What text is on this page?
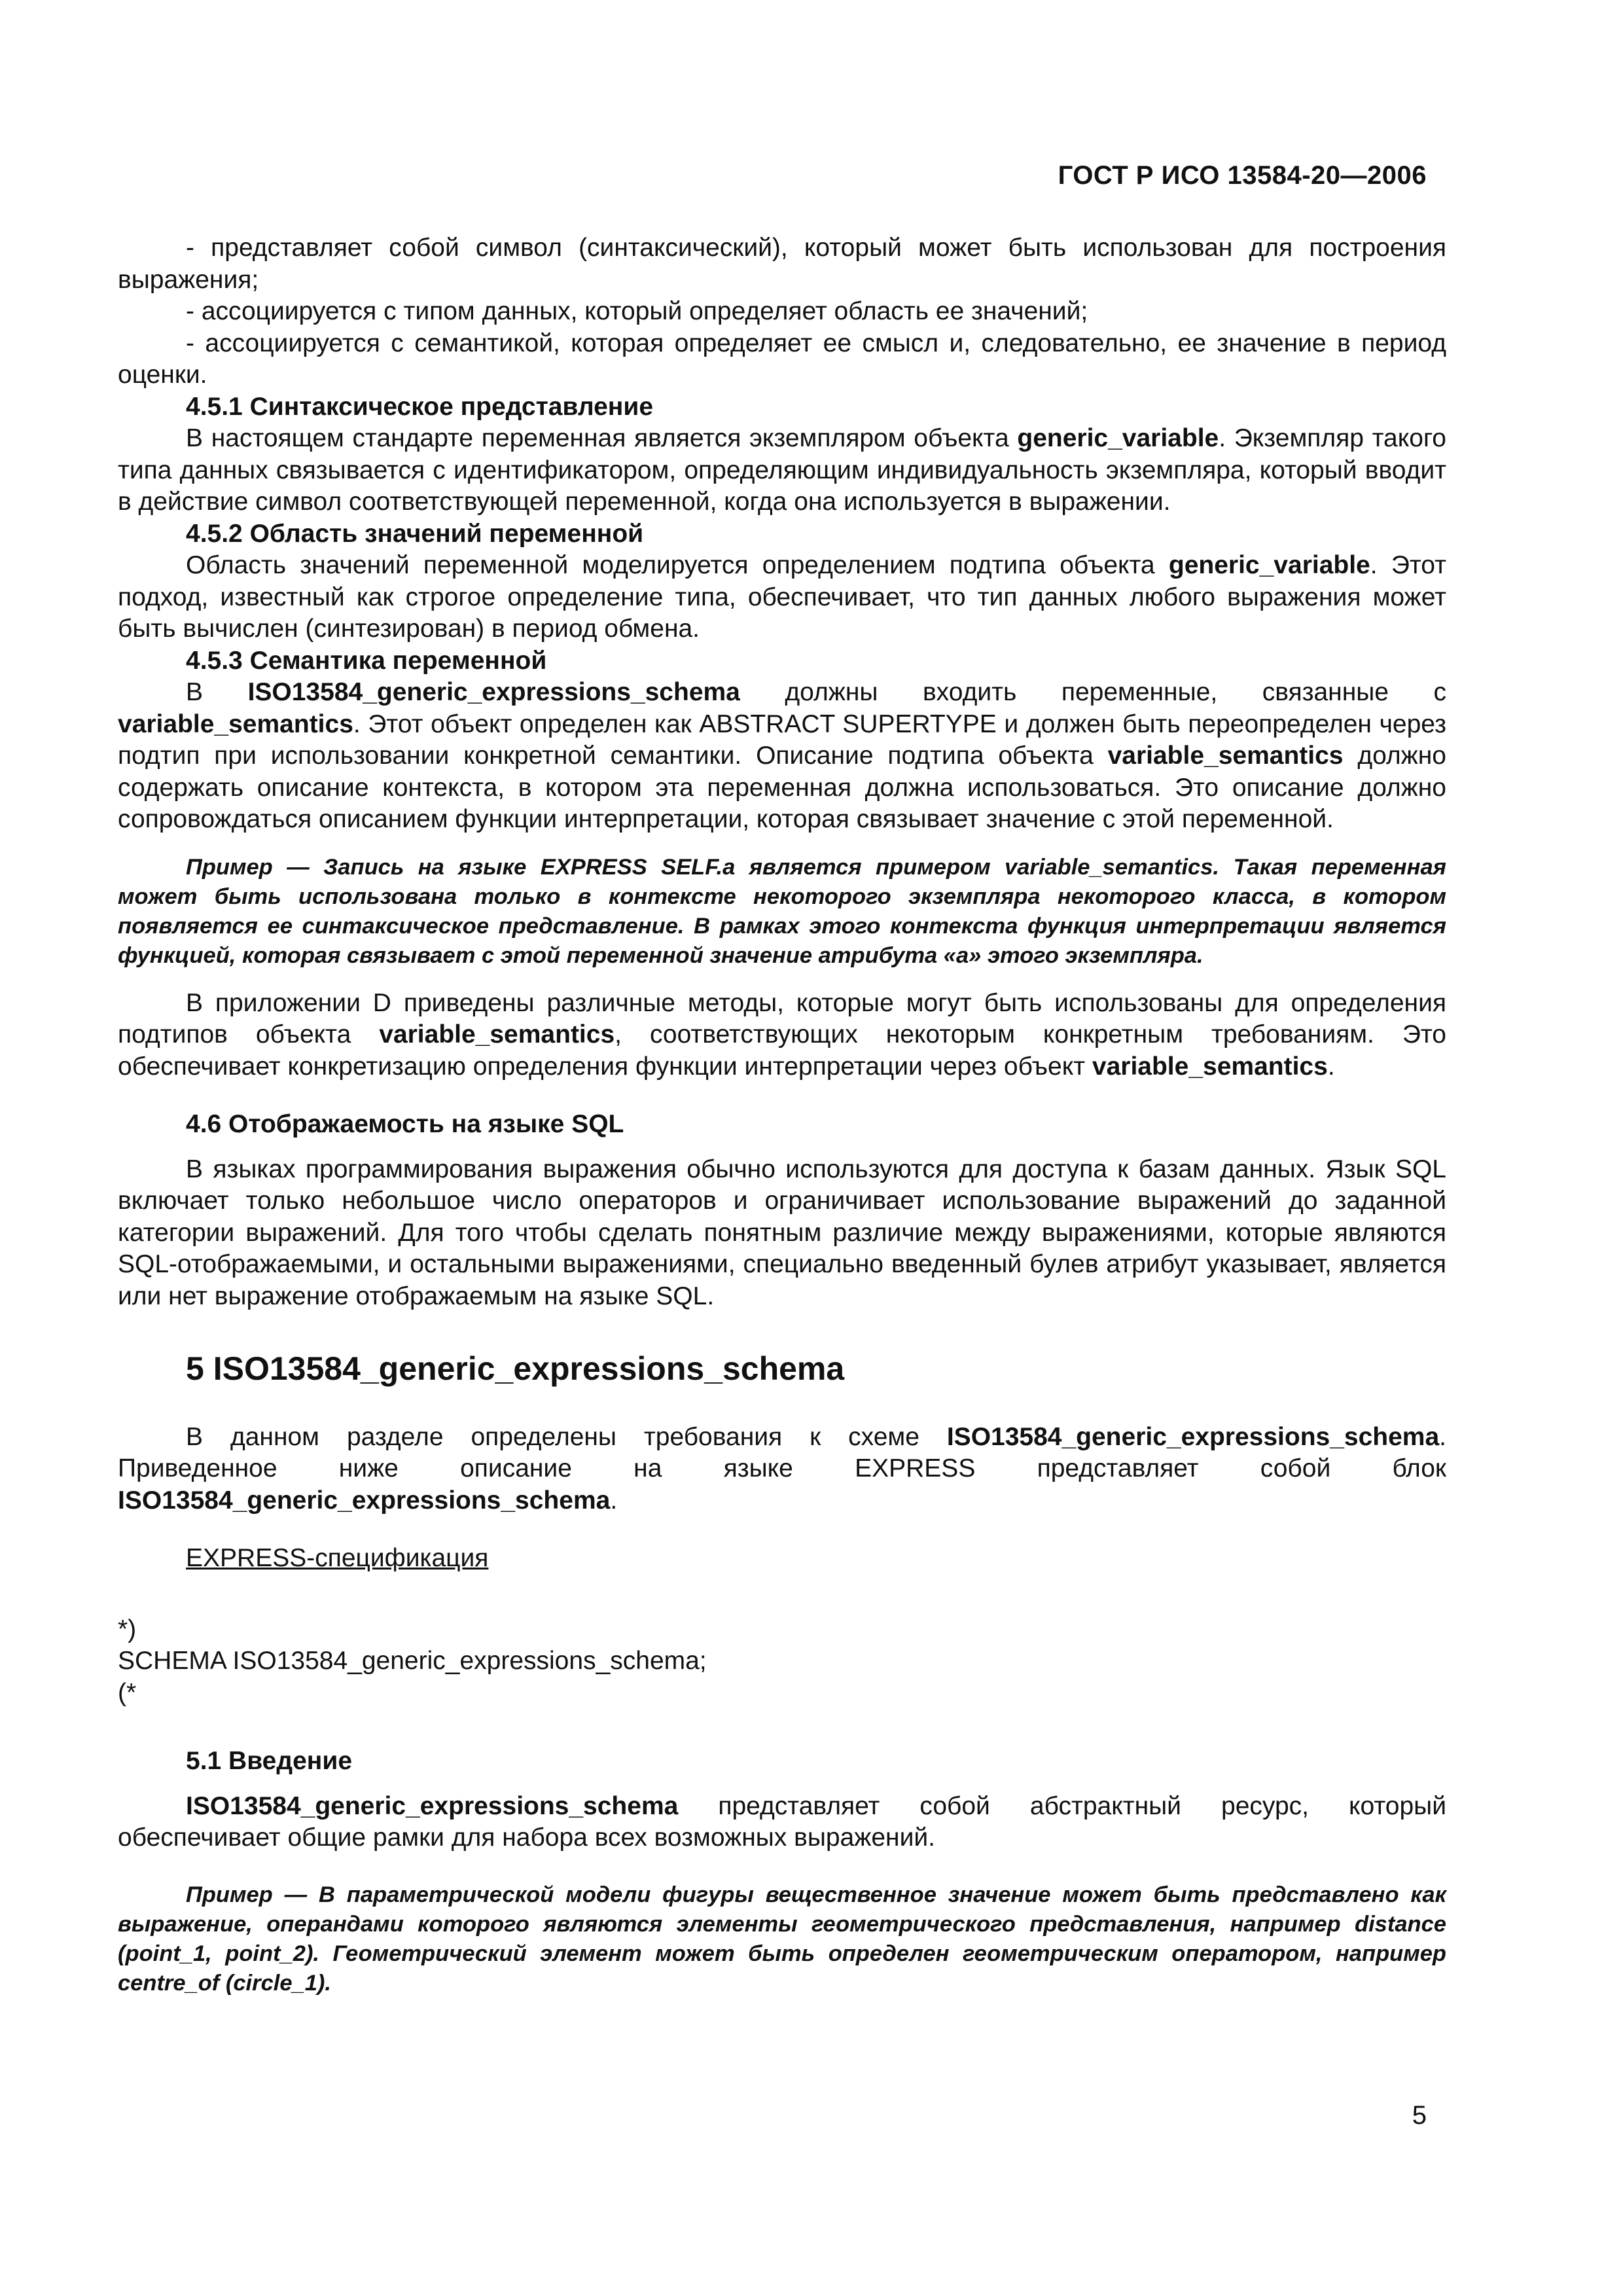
ГОСТ Р ИСО 13584-20—2006

- представляет собой символ (синтаксический), который может быть использован для построения выражения;

- ассоциируется с типом данных, который определяет область ее значений;

- ассоциируется с семантикой, которая определяет ее смысл и, следовательно, ее значение в период оценки.

4.5.1 Синтаксическое представление

В настоящем стандарте переменная является экземпляром объекта generic_variable. Экземпляр такого типа данных связывается с идентификатором, определяющим индивидуальность экземпляра, который вводит в действие символ соответствующей переменной, когда она используется в выражении.

4.5.2 Область значений переменной

Область значений переменной моделируется определением подтипа объекта generic_variable. Этот подход, известный как строгое определение типа, обеспечивает, что тип данных любого выражения может быть вычислен (синтезирован) в период обмена.

4.5.3 Семантика переменной

В ISO13584_generic_expressions_schema должны входить переменные, связанные с variable_semantics. Этот объект определен как ABSTRACT SUPERTYPE и должен быть переопределен через подтип при использовании конкретной семантики. Описание подтипа объекта variable_semantics должно содержать описание контекста, в котором эта переменная должна использоваться. Это описание должно сопровождаться описанием функции интерпретации, которая связывает значение с этой переменной.

Пример — Запись на языке EXPRESS SELF.a является примером variable_semantics. Такая переменная может быть использована только в контексте некоторого экземпляра некоторого класса, в котором появляется ее синтаксическое представление. В рамках этого контекста функция интерпретации является функцией, которая связывает с этой переменной значение атрибута «a» этого экземпляра.

В приложении D приведены различные методы, которые могут быть использованы для определения подтипов объекта variable_semantics, соответствующих некоторым конкретным требованиям. Это обеспечивает конкретизацию определения функции интерпретации через объект variable_semantics.

4.6 Отображаемость на языке SQL

В языках программирования выражения обычно используются для доступа к базам данных. Язык SQL включает только небольшое число операторов и ограничивает использование выражений до заданной категории выражений. Для того чтобы сделать понятным различие между выражениями, которые являются SQL-отображаемыми, и остальными выражениями, специально введенный булев атрибут указывает, является или нет выражение отображаемым на языке SQL.

5 ISO13584_generic_expressions_schema

В данном разделе определены требования к схеме ISO13584_generic_expressions_schema. Приведенное ниже описание на языке EXPRESS представляет собой блок ISO13584_generic_expressions_schema.

EXPRESS-спецификация

*)

SCHEMA ISO13584_generic_expressions_schema;

(*

5.1 Введение

ISO13584_generic_expressions_schema представляет собой абстрактный ресурс, который обеспечивает общие рамки для набора всех возможных выражений.

Пример — В параметрической модели фигуры вещественное значение может быть представлено как выражение, операндами которого являются элементы геометрического представления, например distance (point_1, point_2). Геометрический элемент может быть определен геометрическим оператором, например centre_of (circle_1).

5
